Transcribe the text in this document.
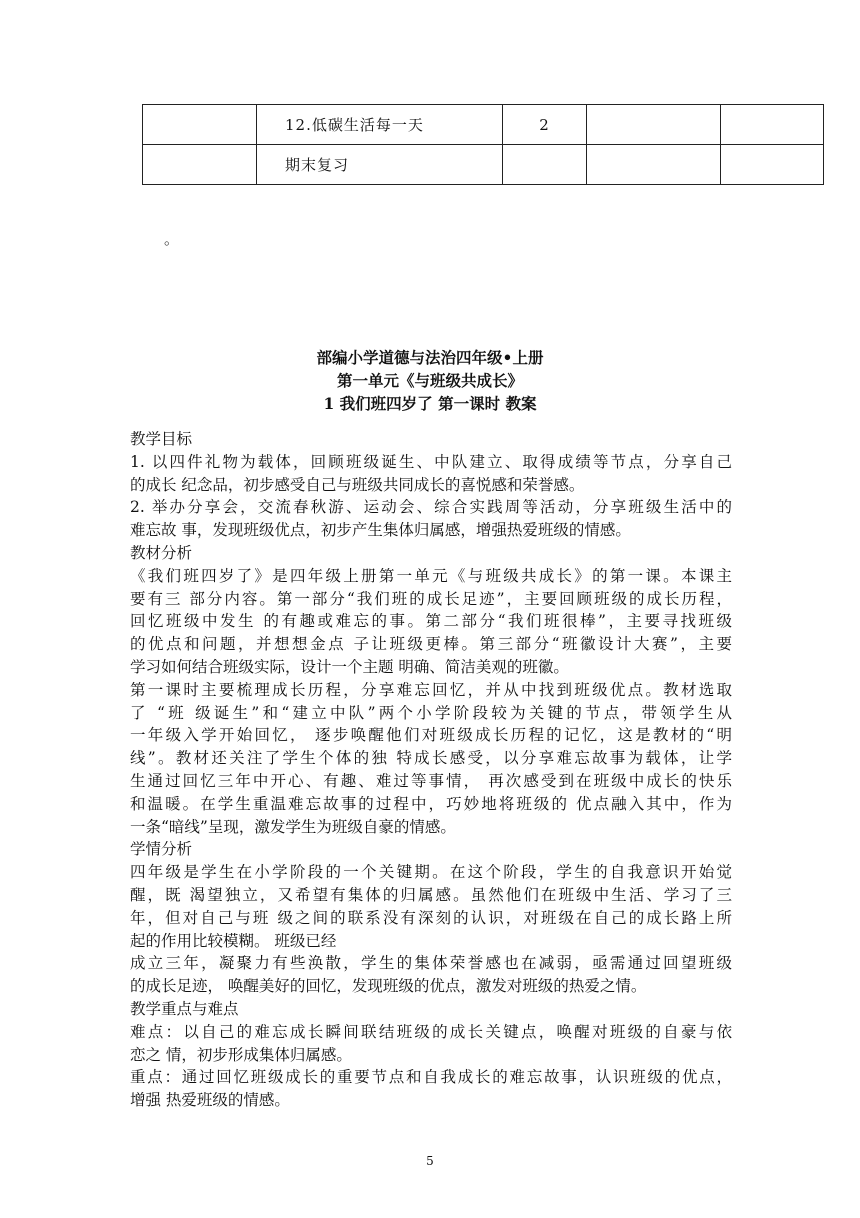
	12.低碳生活每一天	2		
	期末复习			
。
部编小学道德与法治四年级•上册
第一单元《与班级共成长》
1 我们班四岁了 第一课时 教案

教学目标

1. 以四件礼物为载体，回顾班级诞生、中队建立、取得成绩等节点，分享自己

的成长 纪念品，初步感受自己与班级共同成长的喜悦感和荣誉感。

2. 举办分享会，交流春秋游、运动会、综合实践周等活动，分享班级生活中的

难忘故 事，发现班级优点，初步产生集体归属感，增强热爱班级的情感。

教材分析

《我们班四岁了》是四年级上册第一单元《与班级共成长》的第一课。本课主

要有三 部分内容。第一部分“我们班的成长足迹”，主要回顾班级的成长历程，

回忆班级中发生 的有趣或难忘的事。第二部分“我们班很棒”，主要寻找班级

的优点和问题，并想想金点 子让班级更棒。第三部分“班徽设计大赛”，主要

学习如何结合班级实际，设计一个主题 明确、简洁美观的班徽。

第一课时主要梳理成长历程，分享难忘回忆，并从中找到班级优点。教材选取

了 “班 级诞生”和“建立中队”两个小学阶段较为关键的节点，带领学生从

一年级入学开始回忆， 逐步唤醒他们对班级成长历程的记忆，这是教材的“明

线”。教材还关注了学生个体的独 特成长感受，以分享难忘故事为载体，让学

生通过回忆三年中开心、有趣、难过等事情， 再次感受到在班级中成长的快乐

和温暖。在学生重温难忘故事的过程中，巧妙地将班级的 优点融入其中，作为

一条“暗线”呈现，激发学生为班级自豪的情感。

学情分析

四年级是学生在小学阶段的一个关键期。在这个阶段，学生的自我意识开始觉

醒，既 渴望独立，又希望有集体的归属感。虽然他们在班级中生活、学习了三

年，但对自己与班 级之间的联系没有深刻的认识，对班级在自己的成长路上所

起的作用比较模糊。 班级已经

成立三年，凝聚力有些涣散，学生的集体荣誉感也在减弱，亟需通过回望班级

的成长足迹， 唤醒美好的回忆，发现班级的优点，激发对班级的热爱之情。

教学重点与难点

难点：以自己的难忘成长瞬间联结班级的成长关键点，唤醒对班级的自豪与依

恋之 情，初步形成集体归属感。

重点：通过回忆班级成长的重要节点和自我成长的难忘故事，认识班级的优点，

增强 热爱班级的情感。

5
